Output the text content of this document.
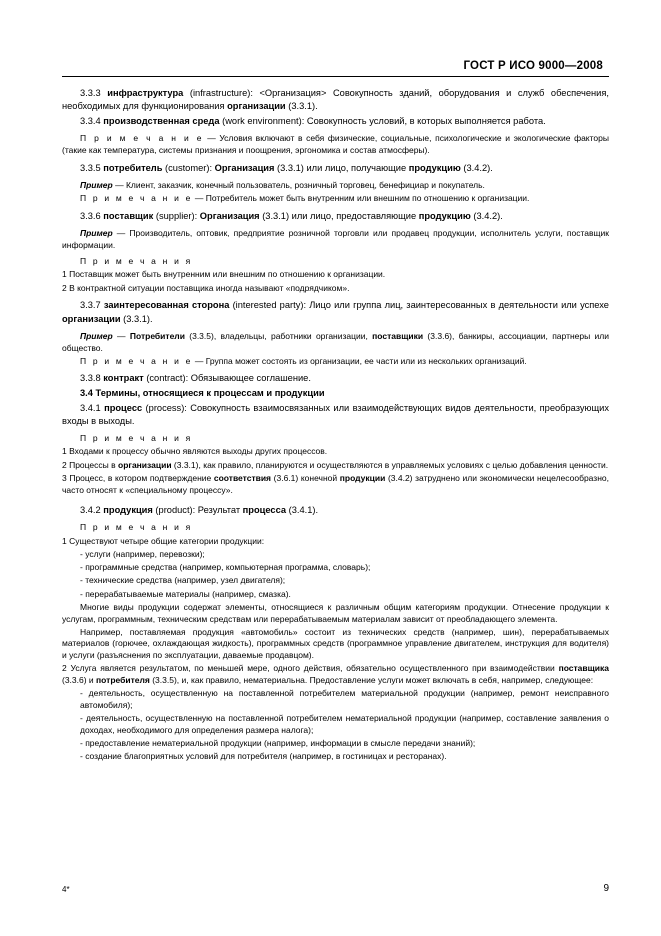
ГОСТ Р ИСО 9000—2008

3.3.3 инфраструктура (infrastructure): <Организация> Совокупность зданий, оборудования и служб обеспечения, необходимых для функционирования организации (3.3.1).

3.3.4 производственная среда (work environment): Совокупность условий, в которых выполняется работа.

П р и м е ч а н и е — Условия включают в себя физические, социальные, психологические и экологические факторы (такие как температура, системы признания и поощрения, эргономика и состав атмосферы).

3.3.5 потребитель (customer): Организация (3.3.1) или лицо, получающие продукцию (3.4.2).

Пример — Клиент, заказчик, конечный пользователь, розничный торговец, бенефициар и покупатель.

П р и м е ч а н и е — Потребитель может быть внутренним или внешним по отношению к организации.

3.3.6 поставщик (supplier): Организация (3.3.1) или лицо, предоставляющие продукцию (3.4.2).

Пример — Производитель, оптовик, предприятие розничной торговли или продавец продукции, исполнитель услуги, поставщик информации.

П р и м е ч а н и я

1 Поставщик может быть внутренним или внешним по отношению к организации.

2 В контрактной ситуации поставщика иногда называют «подрядчиком».

3.3.7 заинтересованная сторона (interested party): Лицо или группа лиц, заинтересованных в деятельности или успехе организации (3.3.1).

Пример — Потребители (3.3.5), владельцы, работники организации, поставщики (3.3.6), банкиры, ассоциации, партнеры или общество.

П р и м е ч а н и е — Группа может состоять из организации, ее части или из нескольких организаций.

3.3.8 контракт (contract): Обязывающее соглашение.

3.4 Термины, относящиеся к процессам и продукции

3.4.1 процесс (process): Совокупность взаимосвязанных или взаимодействующих видов деятельности, преобразующих входы в выходы.

П р и м е ч а н и я

1 Входами к процессу обычно являются выходы других процессов.

2 Процессы в организации (3.3.1), как правило, планируются и осуществляются в управляемых условиях с целью добавления ценности.

3 Процесс, в котором подтверждение соответствия (3.6.1) конечной продукции (3.4.2) затруднено или экономически нецелесообразно, часто относят к «специальному процессу».

3.4.2 продукция (product): Результат процесса (3.4.1).

П р и м е ч а н и я

1 Существуют четыре общие категории продукции:

- услуги (например, перевозки);

- программные средства (например, компьютерная программа, словарь);

- технические средства (например, узел двигателя);

- перерабатываемые материалы (например, смазка).

Многие виды продукции содержат элементы, относящиеся к различным общим категориям продукции. Отнесение продукции к услугам, программным, техническим средствам или перерабатываемым материалам зависит от преобладающего элемента.

Например, поставляемая продукция «автомобиль» состоит из технических средств (например, шин), перерабатываемых материалов (горючее, охлаждающая жидкость), программных средств (программное управление двигателем, инструкция для водителя) и услуги (разъяснения по эксплуатации, даваемые продавцом).

2 Услуга является результатом, по меньшей мере, одного действия, обязательно осуществленного при взаимодействии поставщика (3.3.6) и потребителя (3.3.5), и, как правило, нематериальна. Предоставление услуги может включать в себя, например, следующее:

- деятельность, осуществленную на поставленной потребителем материальной продукции (например, ремонт неисправного автомобиля);

- деятельность, осуществленную на поставленной потребителем нематериальной продукции (например, составление заявления о доходах, необходимого для определения размера налога);

- предоставление нематериальной продукции (например, информации в смысле передачи знаний);

- создание благоприятных условий для потребителя (например, в гостиницах и ресторанах).

4*	9
